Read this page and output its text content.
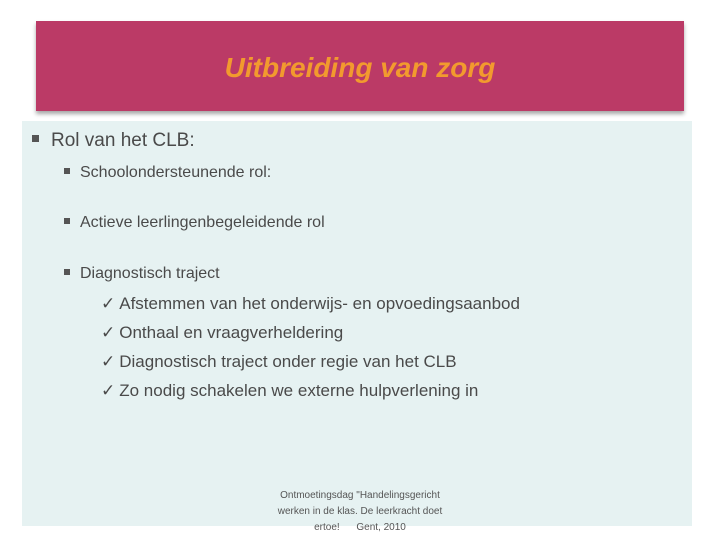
Uitbreiding van zorg
Rol van het CLB:
Schoolondersteunende rol:
Actieve leerlingenbegeleidende rol
Diagnostisch traject
✓ Afstemmen van het onderwijs- en opvoedingsaanbod
✓ Onthaal en vraagverheldering
✓ Diagnostisch traject onder regie van het CLB
✓ Zo nodig schakelen we externe hulpverlening in
Ontmoetingsdag "Handelingsgericht
werken in de klas. De leerkracht doet
ertoe!      Gent, 2010
